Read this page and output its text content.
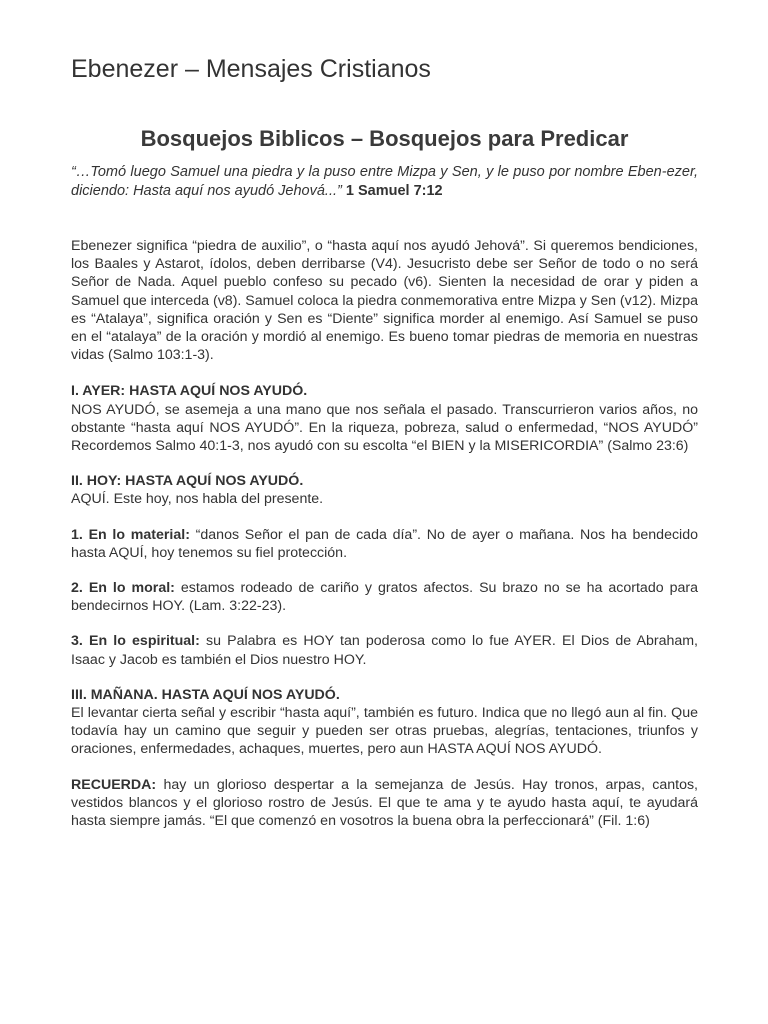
Ebenezer – Mensajes Cristianos
Bosquejos Biblicos – Bosquejos para Predicar
“…Tomó luego Samuel una piedra y la puso entre Mizpa y Sen, y le puso por nombre Eben-ezer, diciendo: Hasta aquí nos ayudó Jehová...” 1 Samuel 7:12

Ebenezer significa “piedra de auxilio”, o “hasta aquí nos ayudó Jehová”. Si queremos bendiciones, los Baales y Astarot, ídolos, deben derribarse (V4). Jesucristo debe ser Señor de todo o no será Señor de Nada. Aquel pueblo confeso su pecado (v6). Sienten la necesidad de orar y piden a Samuel que interceda (v8). Samuel coloca la piedra conmemorativa entre Mizpa y Sen (v12). Mizpa es “Atalaya”, significa oración y Sen es “Diente” significa morder al enemigo. Así Samuel se puso en el “atalaya” de la oración y mordió al enemigo. Es bueno tomar piedras de memoria en nuestras vidas (Salmo 103:1-3).

I. AYER: HASTA AQUÍ NOS AYUDÓ.

NOS AYUDÓ, se asemeja a una mano que nos señala el pasado. Transcurrieron varios años, no obstante “hasta aquí NOS AYUDÓ”. En la riqueza, pobreza, salud o enfermedad, “NOS AYUDÓ” Recordemos Salmo 40:1-3, nos ayudó con su escolta “el BIEN y la MISERICORDIA” (Salmo 23:6)

II. HOY: HASTA AQUÍ NOS AYUDÓ.

AQUÍ. Este hoy, nos habla del presente.

1. En lo material: “danos Señor el pan de cada día”. No de ayer o mañana. Nos ha bendecido hasta AQUÍ, hoy tenemos su fiel protección.

2. En lo moral: estamos rodeado de cariño y gratos afectos. Su brazo no se ha acortado para bendecirnos HOY. (Lam. 3:22-23).

3. En lo espiritual: su Palabra es HOY tan poderosa como lo fue AYER. El Dios de Abraham, Isaac y Jacob es también el Dios nuestro HOY.

III. MAÑANA. HASTA AQUÍ NOS AYUDÓ.

El levantar cierta señal y escribir “hasta aquí”, también es futuro. Indica que no llegó aun al fin. Que todavía hay un camino que seguir y pueden ser otras pruebas, alegrías, tentaciones, triunfos y oraciones, enfermedades, achaques, muertes, pero aun HASTA AQUÍ NOS AYUDÓ.

RECUERDA: hay un glorioso despertar a la semejanza de Jesús. Hay tronos, arpas, cantos, vestidos blancos y el glorioso rostro de Jesús. El que te ama y te ayudo hasta aquí, te ayudará hasta siempre jamás. “El que comenzó en vosotros la buena obra la perfeccionará” (Fil. 1:6)
